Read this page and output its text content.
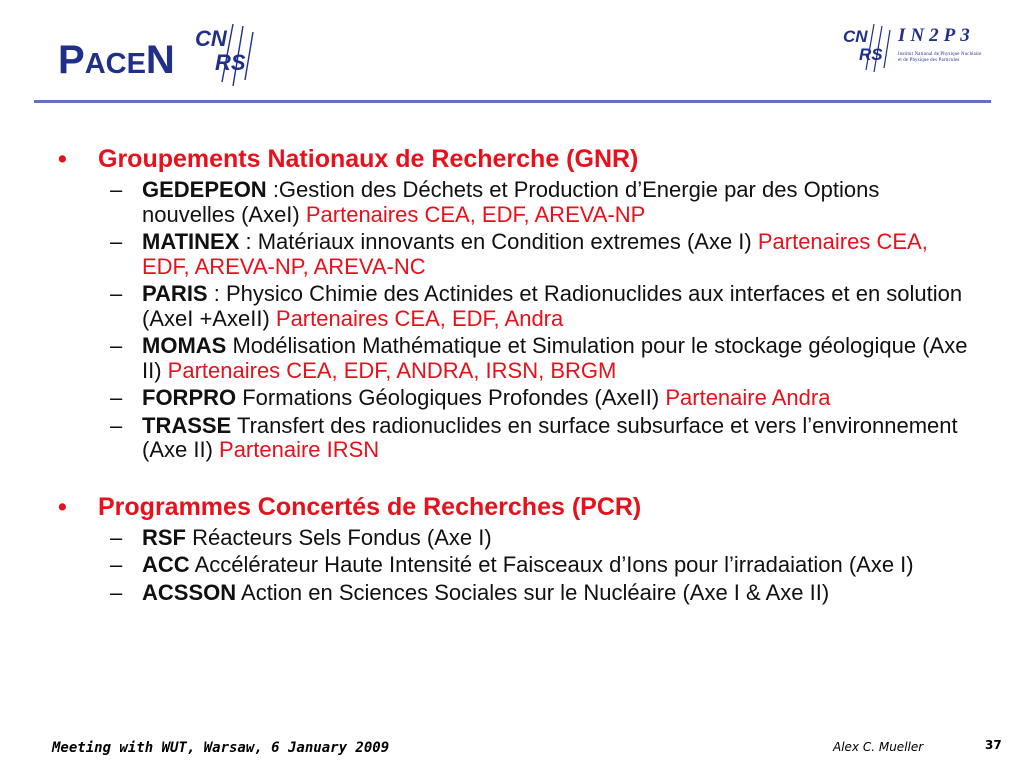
PACEN CN
RS
CN
RS
IN2P3
Institut National de Physique Nucléaire
et de Physique des Particules
• Groupements Nationaux de Recherche (GNR)
– GEDEPEON :Gestion des Déchets et Production d’Energie par des Options nouvelles (AxeI) Partenaires CEA, EDF, AREVA-NP
– MATINEX : Matériaux innovants en Condition extremes (Axe I) Partenaires CEA, EDF, AREVA-NP, AREVA-NC
– PARIS : Physico Chimie des Actinides et Radionuclides aux interfaces et en solution (AxeI +AxeII) Partenaires CEA, EDF, Andra
– MOMAS Modélisation Mathématique et Simulation pour le stockage géologique (Axe II) Partenaires CEA, EDF, ANDRA, IRSN, BRGM
– FORPRO Formations Géologiques Profondes (AxeII) Partenaire Andra
– TRASSE Transfert des radionuclides en surface subsurface et vers l’environnement (Axe II) Partenaire IRSN
• Programmes Concertés de Recherches (PCR)
– RSF Réacteurs Sels Fondus (Axe I)
– ACC Accélérateur Haute Intensité et Faisceaux d’Ions pour l’irradaiation (Axe I)
– ACSSON Action en Sciences Sociales sur le Nucléaire (Axe I & Axe II)
Meeting with WUT, Warsaw, 6 January 2009	Alex C. Mueller	37
